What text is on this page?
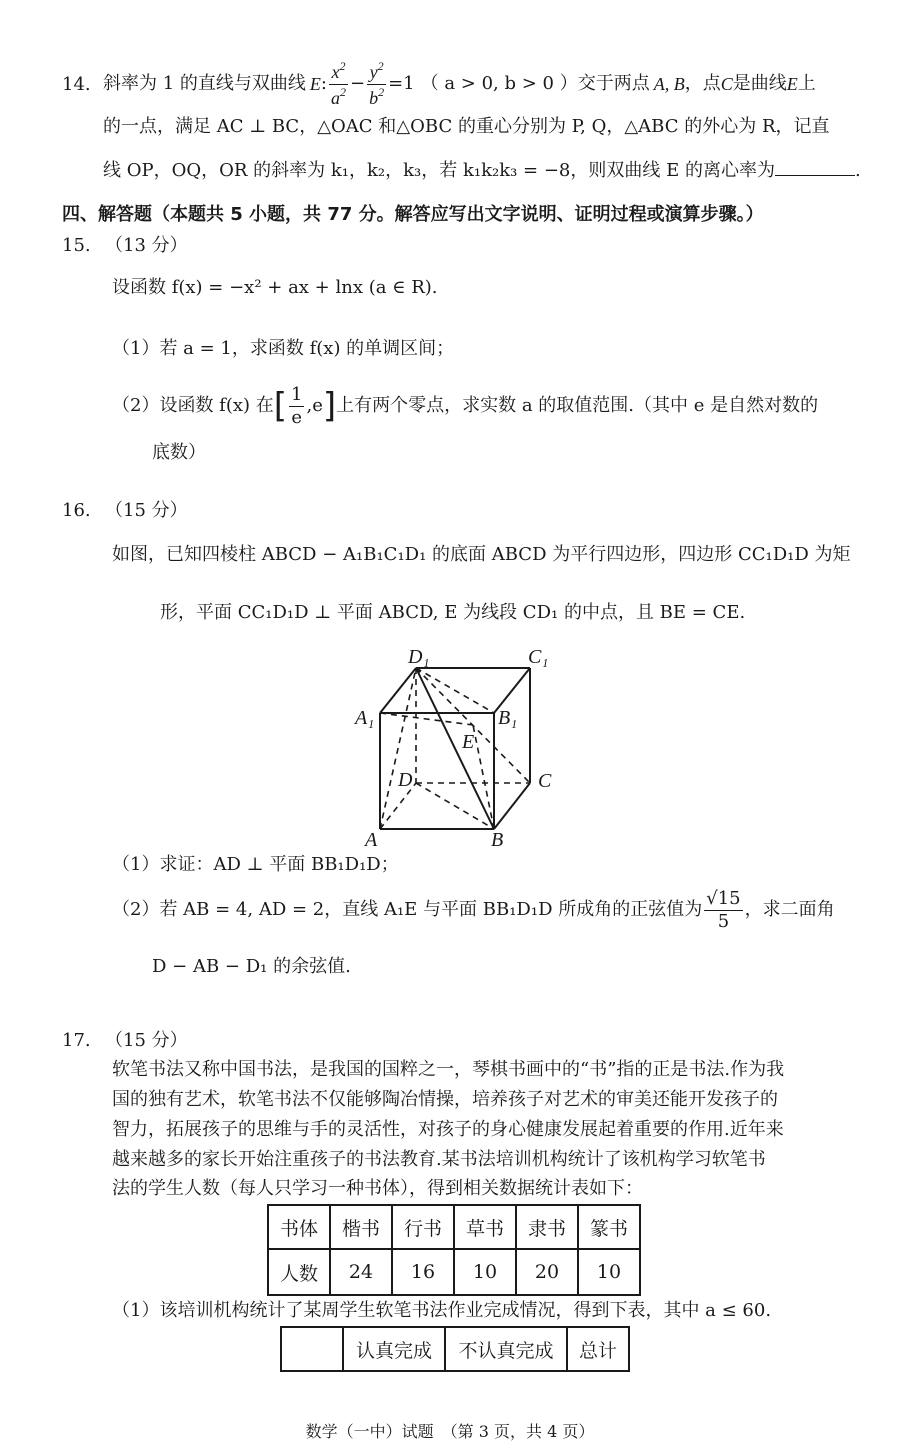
14. 斜率为 1 的直线与双曲线 E : $\frac{x^2}{a^2} - \frac{y^2}{b^2} =1$ （ a > 0, b > 0 ）交于两点 A, B ，点 C 是曲线 E 上
的一点，满足 AC ⊥ BC，△OAC 和△OBC 的重心分别为 P, Q，△ABC 的外心为 R，记直
线 OP，OQ，OR 的斜率为 k₁，k₂，k₃，若 k₁k₂k₃ = −8，则双曲线 E 的离心率为	.
四、解答题（本题共 5 小题，共 77 分。解答应写出文字说明、证明过程或演算步骤。）
15. （13 分）
设函数 f(x) = −x² + ax + lnx (a ∈ R).
（1）若 a = 1，求函数 f(x) 的单调区间；
（2）设函数 f(x) 在 [ $\frac{1}{e} ,e$ ] 上有两个零点，求实数 a 的取值范围.（其中 e 是自然对数的
底数）
16. （15 分）
如图，已知四棱柱 ABCD − A₁B₁C₁D₁ 的底面 ABCD 为平行四边形，四边形 CC₁D₁D 为矩
形，平面 CC₁D₁D ⊥ 平面 ABCD, E 为线段 CD₁ 的中点，且 BE = CE.
D₁	C₁
A₁	B₁
E
D	C
A	B
（1）求证：AD ⊥ 平面 BB₁D₁D；
（2）若 AB = 4, AD = 2，直线 A₁E 与平面 BB₁D₁D 所成角的正弦值为 $\frac{√15}{5}$ ，求二面角
D − AB − D₁ 的余弦值.
17. （15 分）
软笔书法又称中国书法，是我国的国粹之一，琴棋书画中的“书”指的正是书法.作为我
国的独有艺术，软笔书法不仅能够陶冶情操，培养孩子对艺术的审美还能开发孩子的
智力，拓展孩子的思维与手的灵活性，对孩子的身心健康发展起着重要的作用.近年来
越来越多的家长开始注重孩子的书法教育.某书法培训机构统计了该机构学习软笔书
法的学生人数（每人只学习一种书体），得到相关数据统计表如下：
书体	楷书	行书	草书	隶书	篆书
人数	24	16	10	20	10
（1）该培训机构统计了某周学生软笔书法作业完成情况，得到下表，其中 a ≤ 60.
	认真完成	不认真完成	总计
数学（一中）试题　（第 3 页，共 4 页）
